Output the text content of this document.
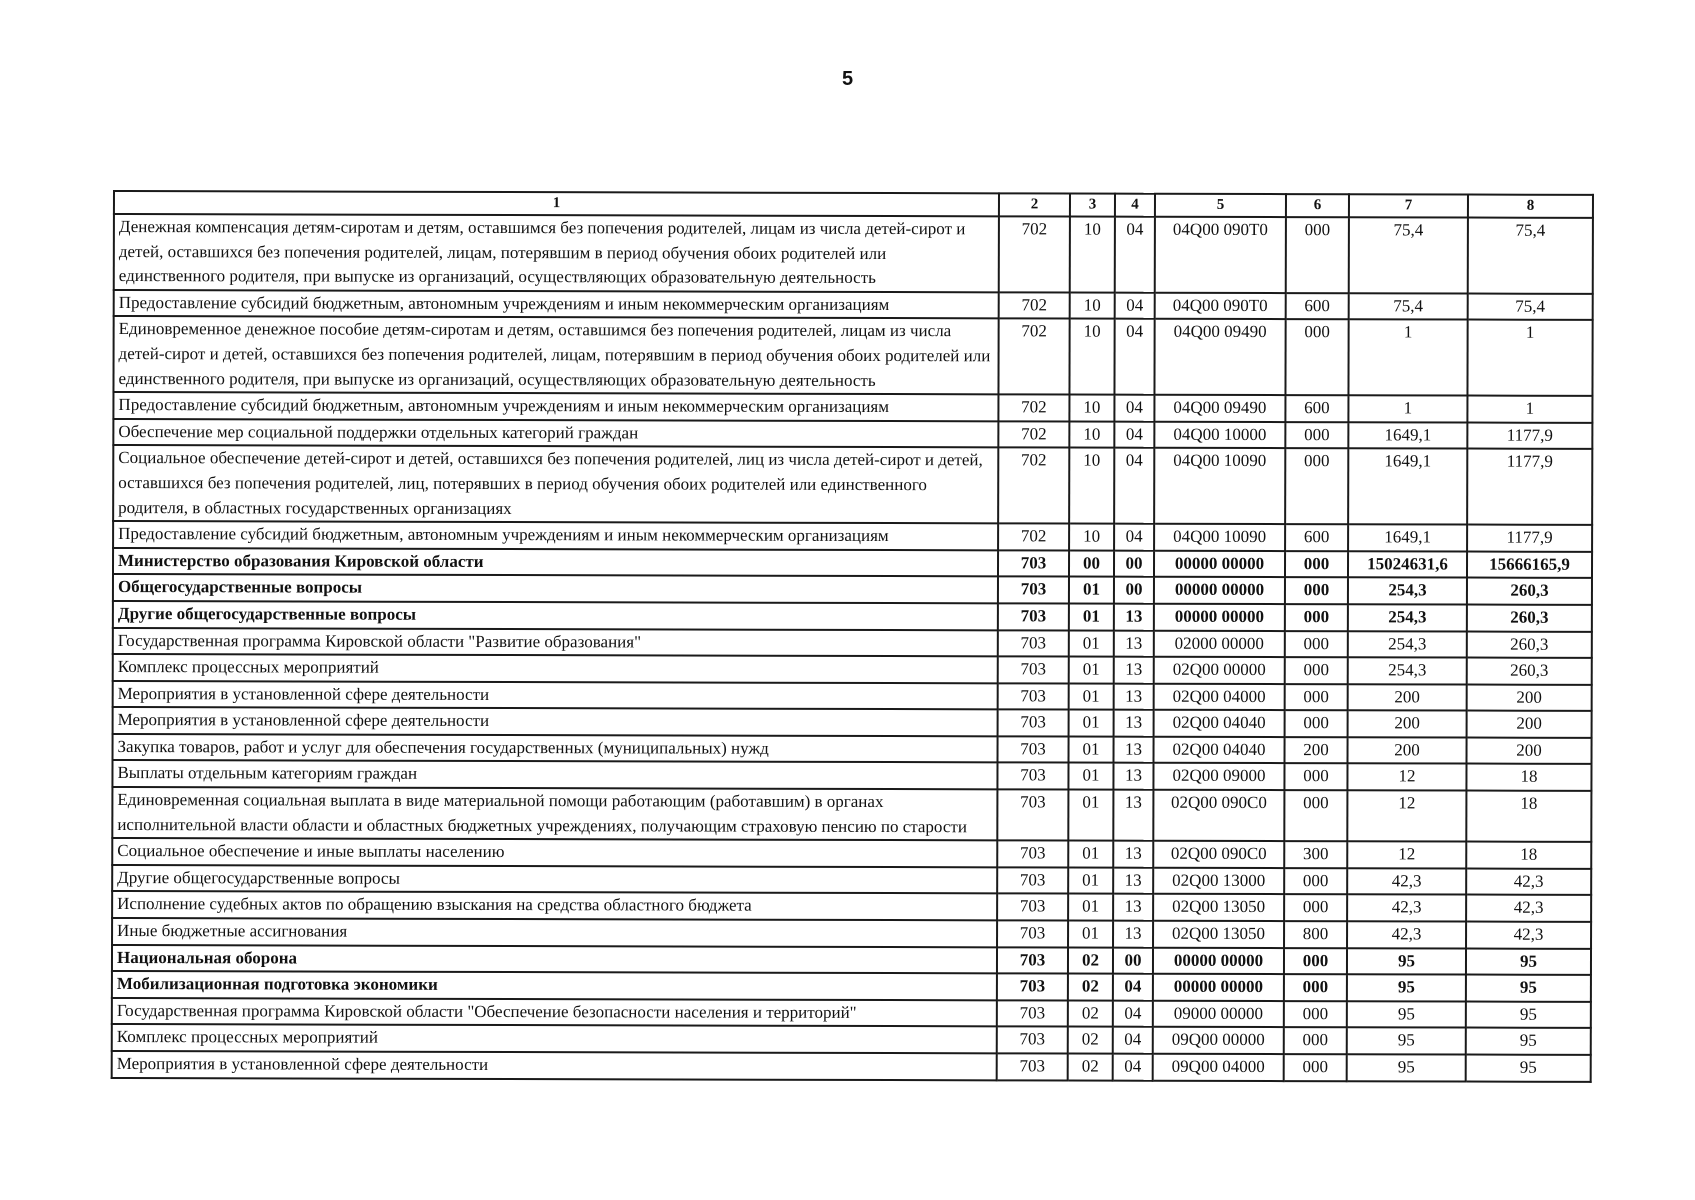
5
1	2	3	4	5	6	7	8
Денежная компенсация детям-сиротам и детям, оставшимся без попечения родителей, лицам из числа детей-сирот и детей, оставшихся без попечения родителей, лицам, потерявшим в период обучения обоих родителей или единственного родителя, при выпуске из организаций, осуществляющих образовательную деятельность	702	10	04	04Q00 090T0	000	75,4	75,4
Предоставление субсидий бюджетным, автономным учреждениям и иным некоммерческим организациям	702	10	04	04Q00 090T0	600	75,4	75,4
Единовременное денежное пособие детям-сиротам и детям, оставшимся без попечения родителей, лицам из числа детей-сирот и детей, оставшихся без попечения родителей, лицам, потерявшим в период обучения обоих родителей или единственного родителя, при выпуске из организаций, осуществляющих образовательную деятельность	702	10	04	04Q00 09490	000	1	1
Предоставление субсидий бюджетным, автономным учреждениям и иным некоммерческим организациям	702	10	04	04Q00 09490	600	1	1
Обеспечение мер социальной поддержки отдельных категорий граждан	702	10	04	04Q00 10000	000	1649,1	1177,9
Социальное обеспечение детей-сирот и детей, оставшихся без попечения родителей, лиц из числа детей-сирот и детей, оставшихся без попечения родителей, лиц, потерявших в период обучения обоих родителей или единственного родителя, в областных государственных организациях	702	10	04	04Q00 10090	000	1649,1	1177,9
Предоставление субсидий бюджетным, автономным учреждениям и иным некоммерческим организациям	702	10	04	04Q00 10090	600	1649,1	1177,9
Министерство образования Кировской области	703	00	00	00000 00000	000	15024631,6	15666165,9
Общегосударственные вопросы	703	01	00	00000 00000	000	254,3	260,3
Другие общегосударственные вопросы	703	01	13	00000 00000	000	254,3	260,3
Государственная программа Кировской области "Развитие образования"	703	01	13	02000 00000	000	254,3	260,3
Комплекс процессных мероприятий	703	01	13	02Q00 00000	000	254,3	260,3
Мероприятия в установленной сфере деятельности	703	01	13	02Q00 04000	000	200	200
Мероприятия в установленной сфере деятельности	703	01	13	02Q00 04040	000	200	200
Закупка товаров, работ и услуг для обеспечения государственных (муниципальных) нужд	703	01	13	02Q00 04040	200	200	200
Выплаты отдельным категориям граждан	703	01	13	02Q00 09000	000	12	18
Единовременная социальная выплата в виде материальной помощи работающим (работавшим) в органах исполнительной власти области и областных бюджетных учреждениях, получающим страховую пенсию по старости	703	01	13	02Q00 090C0	000	12	18
Социальное обеспечение и иные выплаты населению	703	01	13	02Q00 090C0	300	12	18
Другие общегосударственные вопросы	703	01	13	02Q00 13000	000	42,3	42,3
Исполнение судебных актов по обращению взыскания на средства областного бюджета	703	01	13	02Q00 13050	000	42,3	42,3
Иные бюджетные ассигнования	703	01	13	02Q00 13050	800	42,3	42,3
Национальная оборона	703	02	00	00000 00000	000	95	95
Мобилизационная подготовка экономики	703	02	04	00000 00000	000	95	95
Государственная программа Кировской области "Обеспечение безопасности населения и территорий"	703	02	04	09000 00000	000	95	95
Комплекс процессных мероприятий	703	02	04	09Q00 00000	000	95	95
Мероприятия в установленной сфере деятельности	703	02	04	09Q00 04000	000	95	95
